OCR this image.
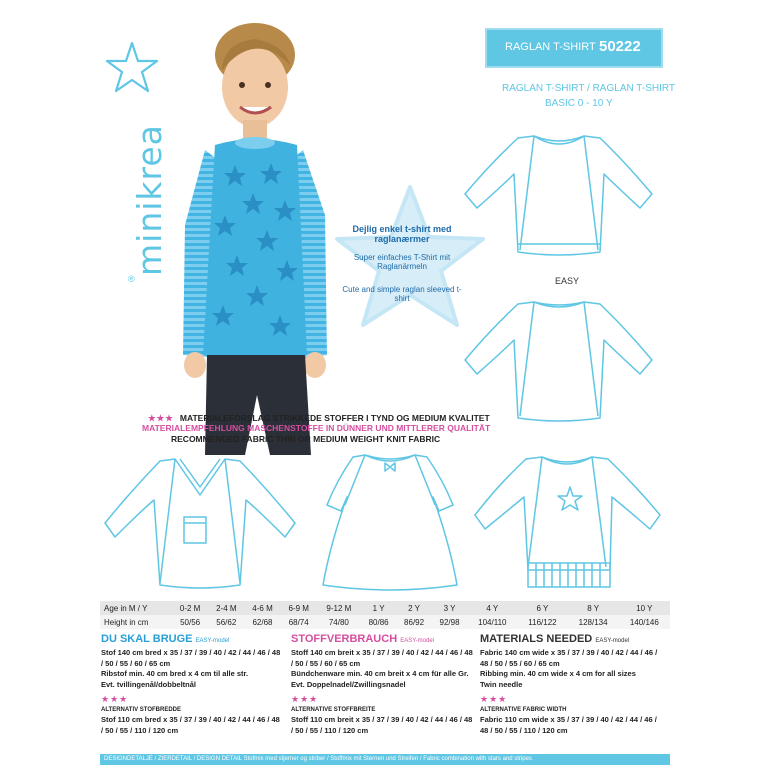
minikrea
®
RAGLAN T-SHIRT 50222
RAGLAN T-SHIRT / RAGLAN T-SHIRT
BASIC 0 - 10 Y
Dejlig enkel t-shirt med raglanærmer
Super einfaches T-Shirt mit Raglanärmeln
Cute and simple raglan sleeved t-shirt
EASY
★★★ MATERIALEFORSLAG STRIKKEDE STOFFER I TYND OG MEDIUM KVALITET
MATERIALEMPFEHLUNG MASCHENSTOFFE IN DÜNNER UND MITTLERER QUALITÄT
RECOMMENDED FABRIC THIN OR MEDIUM WEIGHT KNIT FABRIC
Age in M / Y	0-2 M	2-4 M	4-6 M	6-9 M	9-12 M	1 Y	2 Y	3 Y	4 Y	6 Y	8 Y	10 Y
Height in cm	50/56	56/62	62/68	68/74	74/80	80/86	86/92	92/98	104/110	116/122	128/134	140/146
DU SKAL BRUGE EASY-model
Stof 140 cm bred x 35 / 37 / 39 / 40 / 42 / 44 / 46 / 48 / 50 / 55 / 60 / 65 cm
Ribstof min. 40 cm bred x 4 cm til alle str.
Evt. tvillingenål/dobbeltnål
★★★
ALTERNATIV STOFBREDDE
Stof 110 cm bred x 35 / 37 / 39 / 40 / 42 / 44 / 46 / 48 / 50 / 55 / 110 / 120 cm
STOFFVERBRAUCH EASY-model
Stoff 140 cm breit x 35 / 37 / 39 / 40 / 42 / 44 / 46 / 48 / 50 / 55 / 60 / 65 cm
Bündchenware min. 40 cm breit x 4 cm für alle Gr.
Evt. Doppelnadel/Zwillingsnadel
★★★
ALTERNATIVE STOFFBREITE
Stoff 110 cm breit x 35 / 37 / 39 / 40 / 42 / 44 / 46 / 48 / 50 / 55 / 110 / 120 cm
MATERIALS NEEDED EASY-model
Fabric 140 cm wide x 35 / 37 / 39 / 40 / 42 / 44 / 46 / 48 / 50 / 55 / 60 / 65 cm
Ribbing min. 40 cm wide x 4 cm for all sizes
Twin needle
★★★
ALTERNATIVE FABRIC WIDTH
Fabric 110 cm wide x 35 / 37 / 39 / 40 / 42 / 44 / 46 / 48 / 50 / 55 / 110 / 120 cm
DESIGNDETALJE / ZIERDETAIL / DESIGN DETAIL Stofmix med stjerner og striber / Stoffmix mit Sternen und Streifen / Fabric combination with stars and stripes
